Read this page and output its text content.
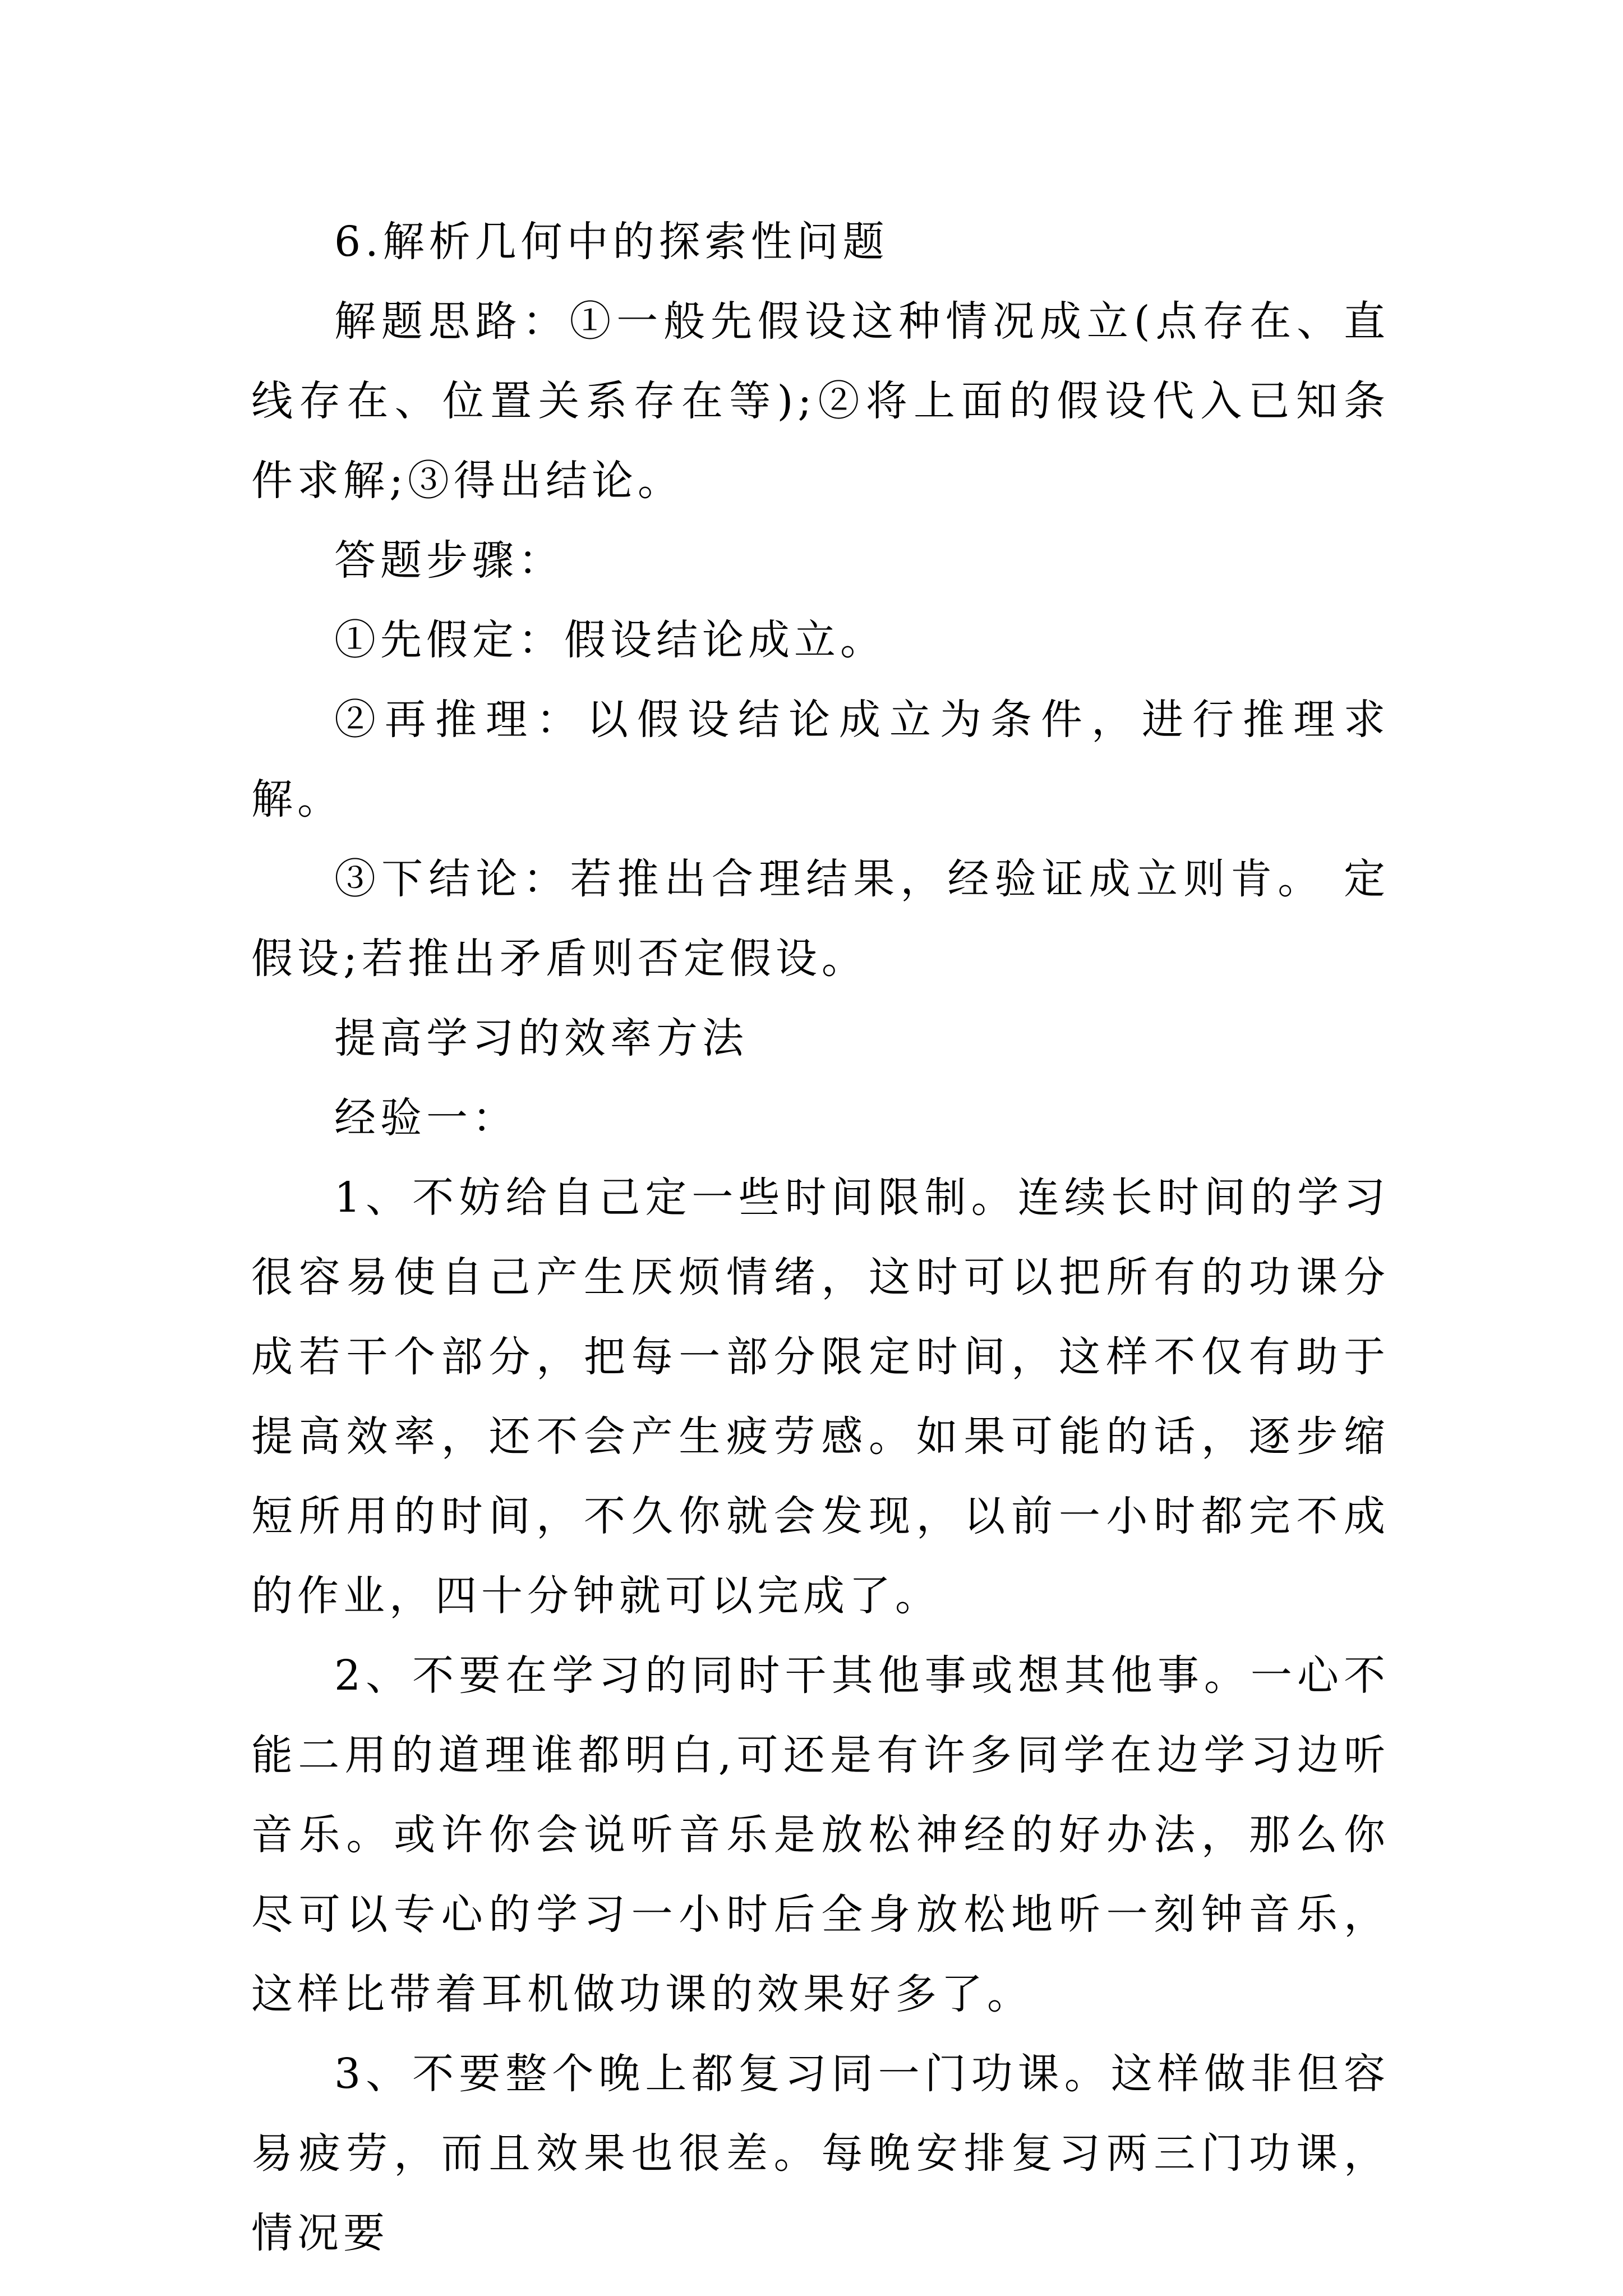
6.解析几何中的探索性问题

解题思路：①一般先假设这种情况成立(点存在、直线存在、位置关系存在等);②将上面的假设代入已知条件求解;③得出结论。

答题步骤：

①先假定：假设结论成立。

②再推理：以假设结论成立为条件，进行推理求解。

③下结论：若推出合理结果，经验证成立则肯。 定假设;若推出矛盾则否定假设。

提高学习的效率方法

经验一：

1、不妨给自己定一些时间限制。连续长时间的学习很容易使自己产生厌烦情绪，这时可以把所有的功课分成若干个部分，把每一部分限定时间，这样不仅有助于提高效率，还不会产生疲劳感。如果可能的话，逐步缩短所用的时间，不久你就会发现，以前一小时都完不成的作业，四十分钟就可以完成了。

2、不要在学习的同时干其他事或想其他事。一心不能二用的道理谁都明白,可还是有许多同学在边学习边听音乐。或许你会说听音乐是放松神经的好办法，那么你尽可以专心的学习一小时后全身放松地听一刻钟音乐，这样比带着耳机做功课的效果好多了。

3、不要整个晚上都复习同一门功课。这样做非但容易疲劳，而且效果也很差。每晚安排复习两三门功课，情况要
